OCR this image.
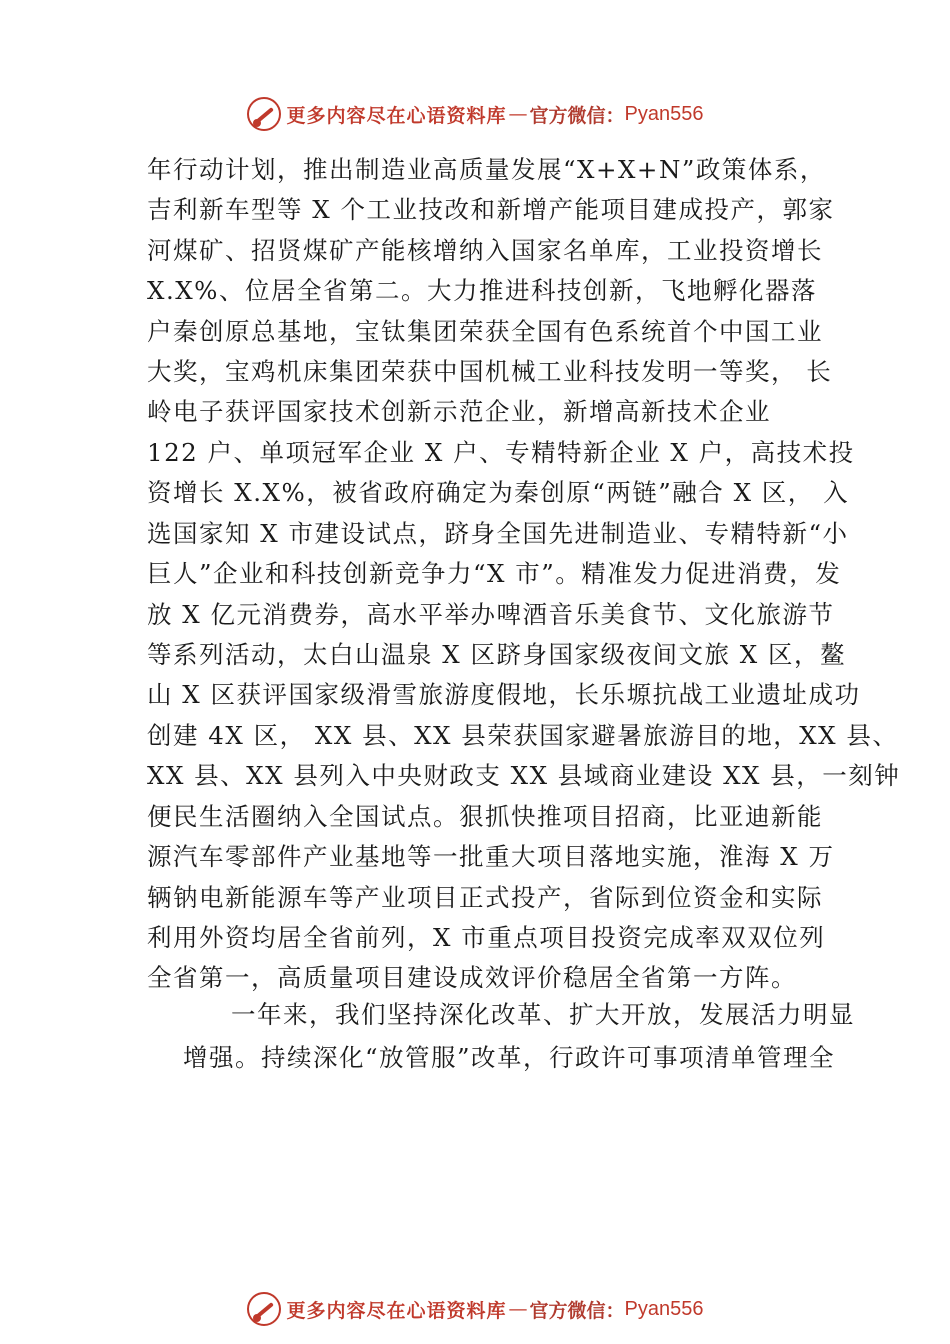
更多内容尽在心语资料库 — 官方微信： Pyan556
年行动计划，推出制造业高质量发展“X+X+N”政策体系，
吉利新车型等 X 个工业技改和新增产能项目建成投产，郭家
河煤矿、招贤煤矿产能核增纳入国家名单库，工业投资增长
X.X%、位居全省第二。大力推进科技创新，飞地孵化器落
户秦创原总基地，宝钛集团荣获全国有色系统首个中国工业
大奖，宝鸡机床集团荣获中国机械工业科技发明一等奖， 长
岭电子获评国家技术创新示范企业，新增高新技术企业
122 户、单项冠军企业 X 户、专精特新企业 X 户，高技术投
资增长 X.X%，被省政府确定为秦创原“两链”融合 X 区， 入
选国家知 X 市建设试点，跻身全国先进制造业、专精特新“小
巨人”企业和科技创新竞争力“X 市”。精准发力促进消费，发
放 X 亿元消费券，高水平举办啤酒音乐美食节、文化旅游节
等系列活动，太白山温泉 X 区跻身国家级夜间文旅 X 区，鳌
山 X 区获评国家级滑雪旅游度假地，长乐塬抗战工业遗址成功
创建 4X 区， XX 县、XX 县荣获国家避暑旅游目的地，XX 县、
XX 县、XX 县列入中央财政支 XX 县域商业建设 XX 县，一刻钟
便民生活圈纳入全国试点。狠抓快推项目招商，比亚迪新能
源汽车零部件产业基地等一批重大项目落地实施，淮海 X 万
辆钠电新能源车等产业项目正式投产，省际到位资金和实际
利用外资均居全省前列，X 市重点项目投资完成率双双位列
全省第一，高质量项目建设成效评价稳居全省第一方阵。
一年来，我们坚持深化改革、扩大开放，发展活力明显
增强。持续深化“放管服”改革，行政许可事项清单管理全
更多内容尽在心语资料库 — 官方微信： Pyan556
